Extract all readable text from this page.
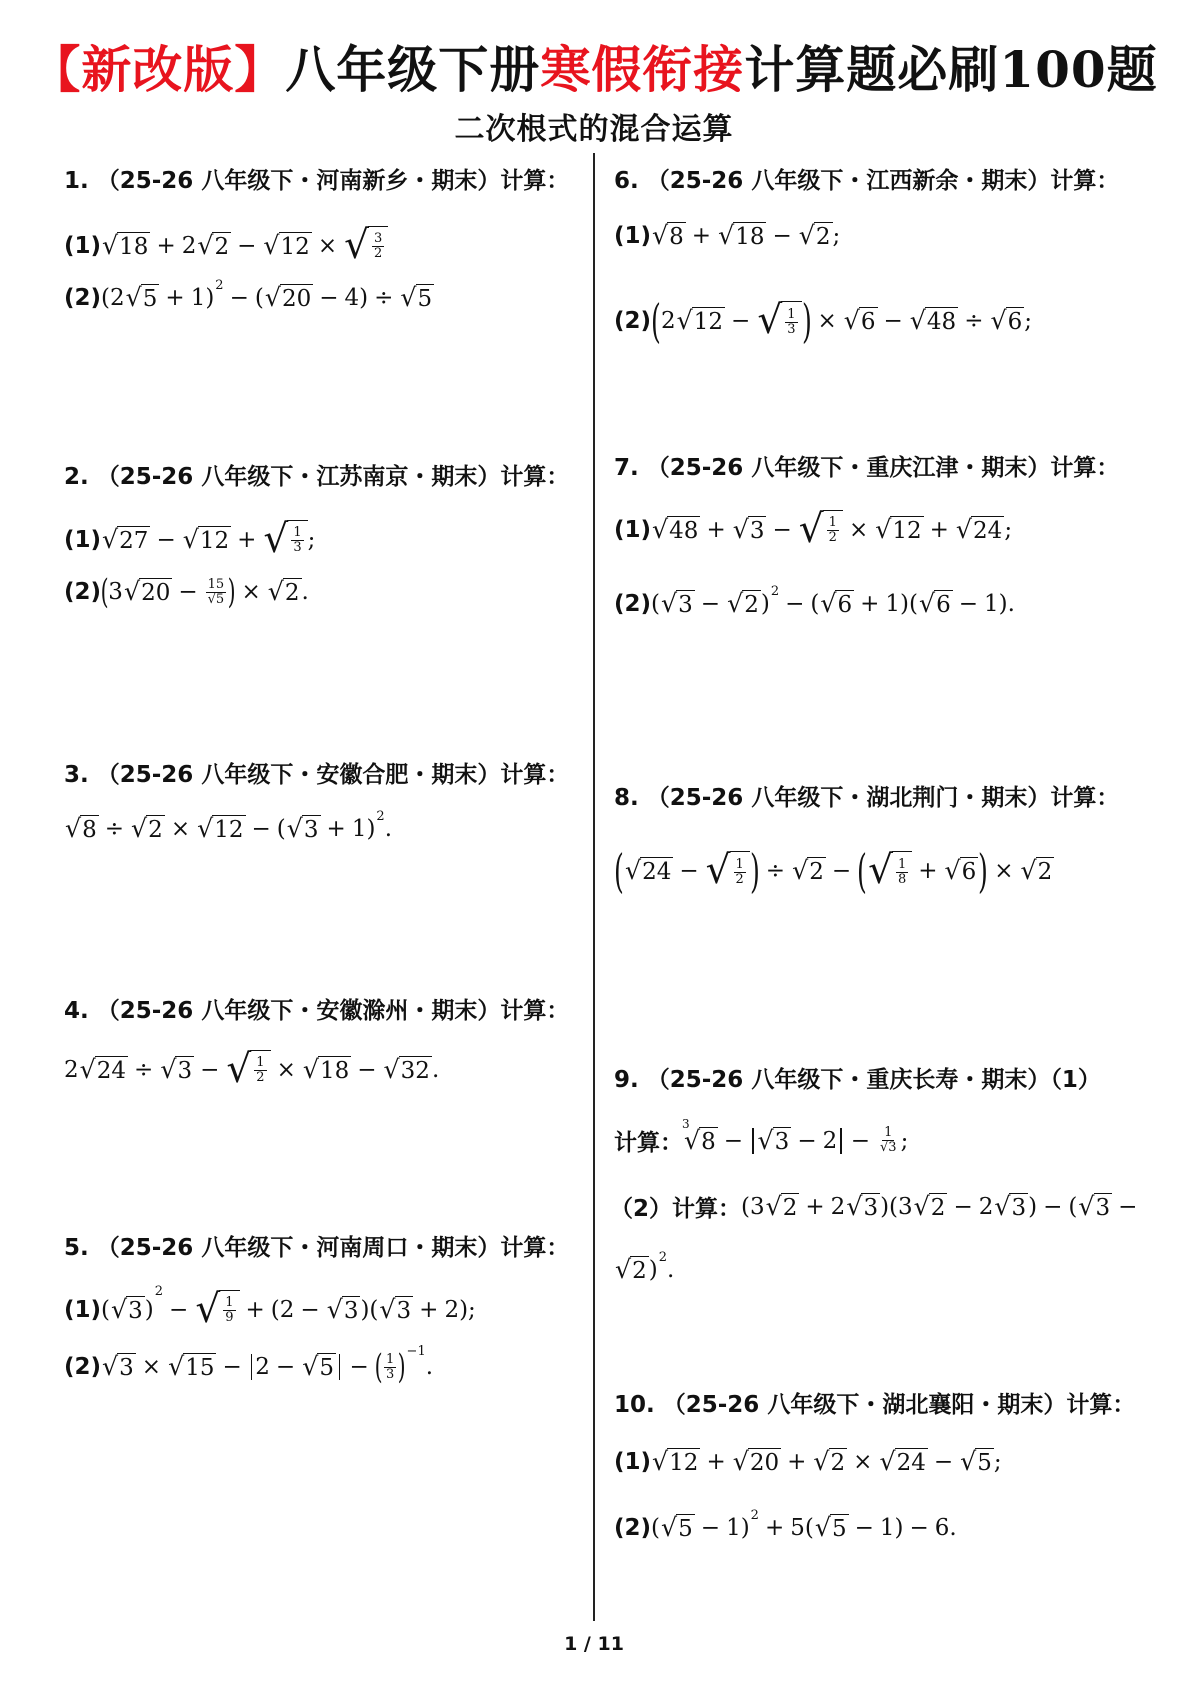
【新改版】八年级下册寒假衔接计算题必刷100题
二次根式的混合运算
1. （25-26 八年级下・河南新乡・期末）计算：
(1) √ 18 + 2 √ 2 − √ 12 × √ 3
2
(2) (2 √ 5 + 1) 2 − ( √ 20 − 4) ÷ √ 5
2. （25-26 八年级下・江苏南京・期末）计算：
(1) √ 27 − √ 12 + √ 1
3 ;
(2) ( 3 √ $20 - \frac{15}{√5}$ ) × √ 2 .
3. （25-26 八年级下・安徽合肥・期末）计算：
√ 8 ÷ √ 2 × √ 12 − ( √ 3 + 1) 2 .
4. （25-26 八年级下・安徽滁州・期末）计算：
2 √ 24 ÷ √ 3 − √ 1
2 × √ 18 − √ 32 .
5. （25-26 八年级下・河南周口・期末）计算：
(1) ( √ 3 )
2
− √ 1
9 + (2 − √ 3 )( √ 3 + 2);
(2) √ 3 × √ 15 − 2 − √ 5 − ( 1
3 ) −1
.
6. （25-26 八年级下・江西新余・期末）计算：
(1) √ 8 + √ 18 − √ 2 ;
(2) ( 2 √ 12 − √ 1
3 ) × √ 6 − √ 48 ÷ √ 6 ;
7. （25-26 八年级下・重庆江津・期末）计算：
(1) √ 48 + √ 3 − √ 1
2 × √ 12 + √ 24 ;
(2) ( √ 3 − √ 2 ) 2 − ( √ 6 + 1)( √ 6 − 1).
8. （25-26 八年级下・湖北荆门・期末）计算：
( √ 24 − √ 1
2 ) ÷ √ 2 − ( √ 1
8 + √ 6 ) × √ 2
9. （25-26 八年级下・重庆长寿・期末）（1）
计算：
3
√ 8 − √ $3 - 2 - \frac{1}{√3}$ ;
（2）计算： (3 √ 2 + 2 √ 3 )(3 √ 2 − 2 √ 3 ) − ( √ 3 −
√ 2 ) 2 .
10. （25-26 八年级下・湖北襄阳・期末）计算：
(1) √ 12 + √ 20 + √ 2 × √ 24 − √ 5 ;
(2) ( √ 5 − 1) 2 + 5( √ 5 − 1) − 6.
1 / 11
